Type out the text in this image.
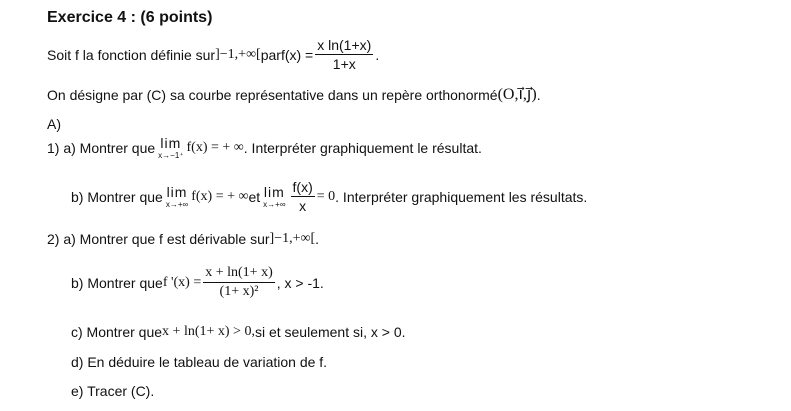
Exercice 4 : (6 points)
Soit f la fonction définie sur ]−1,+∞[ par $f(x) = \frac{\text{x ln(1+x)}}{1+x}$ .
On désigne par (C) sa courbe représentative dans un repère orthonormé (O,i⃗,j⃗) .
A)
1) a) Montrer que lim
x→−1⁺
f(x) = + ∞ . Interpréter graphiquement le résultat.
b) Montrer que lim
x→+∞
f(x) = + ∞ et lim
$x\to+\infty \frac{f(x)}{x} = 0$ . Interpréter graphiquement les résultats.
2) a) Montrer que f est dérivable sur ]−1,+∞[ .
b) Montrer que f '$(x) = \frac{x + \ln(1+ x)}{\text{(1+ x)²}}$ , x > -1.
c) Montrer que x + ln(1+ x) > 0, si et seulement si, x > 0.
d) En déduire le tableau de variation de f.
e) Tracer (C).
